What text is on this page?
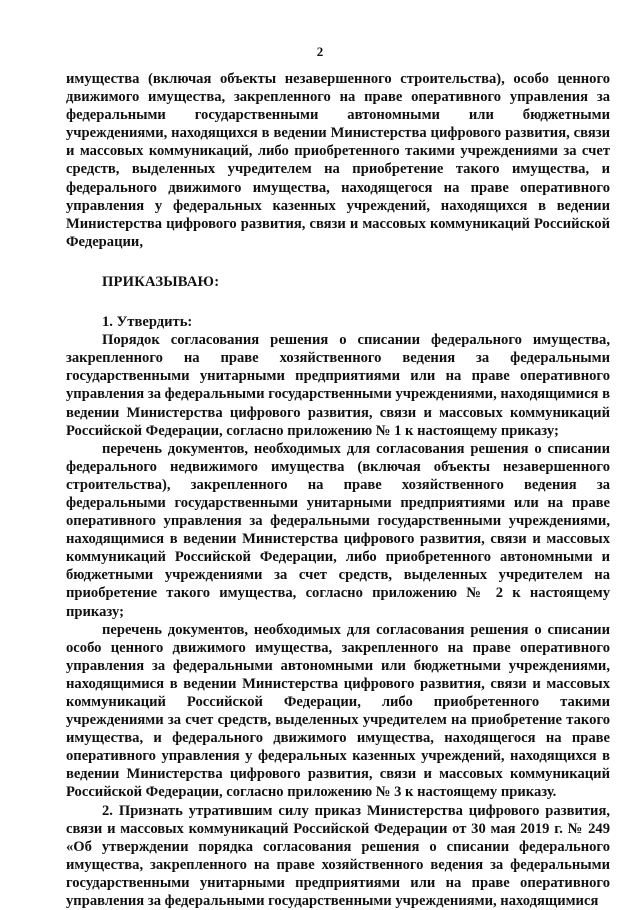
2

имущества (включая объекты незавершенного строительства), особо ценного движимого имущества, закрепленного на праве оперативного управления за федеральными государственными автономными или бюджетными учреждениями, находящихся в ведении Министерства цифрового развития, связи и массовых коммуникаций, либо приобретенного такими учреждениями за счет средств, выделенных учредителем на приобретение такого имущества, и федерального движимого имущества, находящегося на праве оперативного управления у федеральных казенных учреждений, находящихся в ведении Министерства цифрового развития, связи и массовых коммуникаций Российской Федерации,

ПРИКАЗЫВАЮ:

1. Утвердить:

Порядок согласования решения о списании федерального имущества, закрепленного на праве хозяйственного ведения за федеральными государственными унитарными предприятиями или на праве оперативного управления за федеральными государственными учреждениями, находящимися в ведении Министерства цифрового развития, связи и массовых коммуникаций Российской Федерации, согласно приложению № 1 к настоящему приказу;

перечень документов, необходимых для согласования решения о списании федерального недвижимого имущества (включая объекты незавершенного строительства), закрепленного на праве хозяйственного ведения за федеральными государственными унитарными предприятиями или на праве оперативного управления за федеральными государственными учреждениями, находящимися в ведении Министерства цифрового развития, связи и массовых коммуникаций Российской Федерации, либо приобретенного автономными и бюджетными учреждениями за счет средств, выделенных учредителем на приобретение такого имущества, согласно приложению № 2 к настоящему приказу;

перечень документов, необходимых для согласования решения о списании особо ценного движимого имущества, закрепленного на праве оперативного управления за федеральными автономными или бюджетными учреждениями, находящимися в ведении Министерства цифрового развития, связи и массовых коммуникаций Российской Федерации, либо приобретенного такими учреждениями за счет средств, выделенных учредителем на приобретение такого имущества, и федерального движимого имущества, находящегося на праве оперативного управления у федеральных казенных учреждений, находящихся в ведении Министерства цифрового развития, связи и массовых коммуникаций Российской Федерации, согласно приложению № 3 к настоящему приказу.

2. Признать утратившим силу приказ Министерства цифрового развития, связи и массовых коммуникаций Российской Федерации от 30 мая 2019 г. № 249 «Об утверждении порядка согласования решения о списании федерального имущества, закрепленного на праве хозяйственного ведения за федеральными государственными унитарными предприятиями или на праве оперативного управления за федеральными государственными учреждениями, находящимися
